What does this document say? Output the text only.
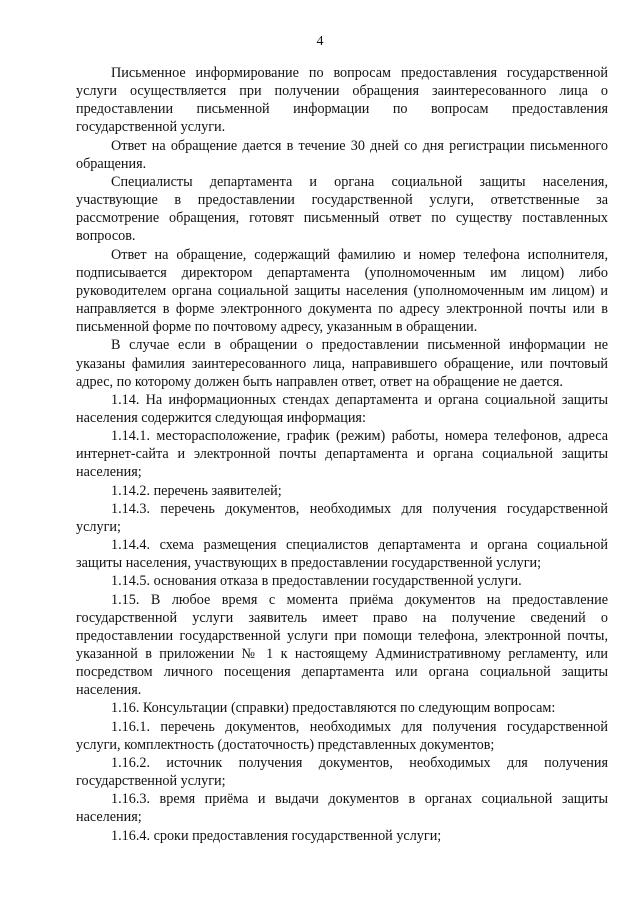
4

Письменное информирование по вопросам предоставления государственной услуги осуществляется при получении обращения заинтересованного лица о предоставлении письменной информации по вопросам предоставления государственной услуги.

Ответ на обращение дается в течение 30 дней со дня регистрации письменного обращения.

Специалисты департамента и органа социальной защиты населения, участвующие в предоставлении государственной услуги, ответственные за рассмотрение обращения, готовят письменный ответ по существу поставленных вопросов.

Ответ на обращение, содержащий фамилию и номер телефона исполнителя, подписывается директором департамента (уполномоченным им лицом) либо руководителем органа социальной защиты населения (уполномоченным им лицом) и направляется в форме электронного документа по адресу электронной почты или в письменной форме по почтовому адресу, указанным в обращении.

В случае если в обращении о предоставлении письменной информации не указаны фамилия заинтересованного лица, направившего обращение, или почтовый адрес, по которому должен быть направлен ответ, ответ на обращение не дается.

1.14. На информационных стендах департамента и органа социальной защиты населения содержится следующая информация:

1.14.1. месторасположение, график (режим) работы, номера телефонов, адреса интернет-сайта и электронной почты департамента и органа социальной защиты населения;

1.14.2. перечень заявителей;

1.14.3. перечень документов, необходимых для получения государственной услуги;

1.14.4. схема размещения специалистов департамента и органа социальной защиты населения, участвующих в предоставлении государственной услуги;

1.14.5. основания отказа в предоставлении государственной услуги.

1.15. В любое время с момента приёма документов на предоставление государственной услуги заявитель имеет право на получение сведений о предоставлении государственной услуги при помощи телефона, электронной почты, указанной в приложении № 1 к настоящему Административному регламенту, или посредством личного посещения департамента или органа социальной защиты населения.

1.16. Консультации (справки) предоставляются по следующим вопросам:

1.16.1. перечень документов, необходимых для получения государственной услуги, комплектность (достаточность) представленных документов;

1.16.2. источник получения документов, необходимых для получения государственной услуги;

1.16.3. время приёма и выдачи документов в органах социальной защиты населения;

1.16.4. сроки предоставления государственной услуги;
